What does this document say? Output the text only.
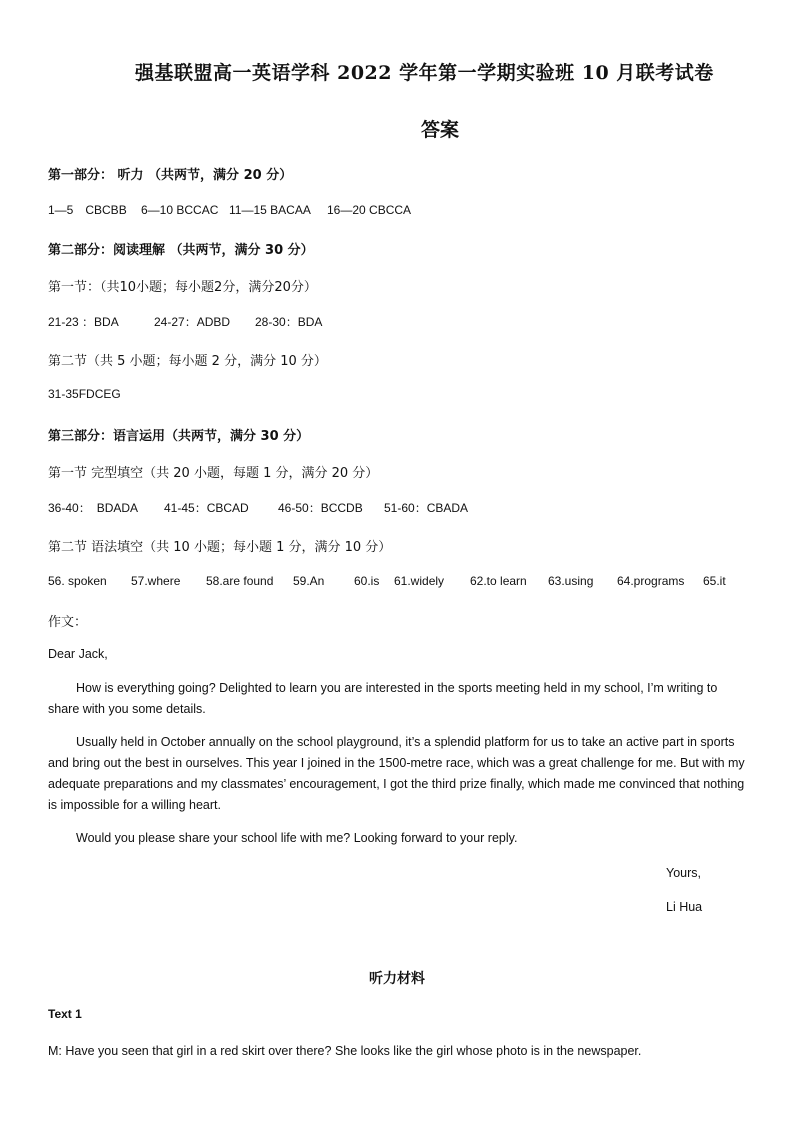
强基联盟高一英语学科 2022 学年第一学期实验班 10 月联考试卷
答案
第一部分： 听力 （共两节，满分 20 分）
1—5　CBCBB 6—10 BCCAC 11—15 BACAA 16—20 CBCCA
第二部分：阅读理解 （共两节，满分 30 分）
第一节：（共10小题；每小题2分，满分20分）
21-23 ：BDA	24-27：ADBD 28-30：BDA
第二节（共 5 小题；每小题 2 分，满分 10 分）
31-35FDCEG
第三部分：语言运用（共两节，满分 30 分）
第一节 完型填空（共 20 小题，每题 1 分，满分 20 分）
36-40：　BDADA 41-45：CBCAD 46-50：BCCDB 51-60：CBADA
第二节 语法填空（共 10 小题；每小题 1 分，满分 10 分）
56. spoken 57.where 58.are found 59.An 60.is 61.widely 62.to learn 63.using 64.programs 65.it
作文：
Dear Jack,
How is everything going? Delighted to learn you are interested in the sports meeting held in my school, I’m writing to share with you some details.
Usually held in October annually on the school playground, it’s a splendid platform for us to take an active part in sports and bring out the best in ourselves. This year I joined in the 1500-metre race, which was a great challenge for me. But with my adequate preparations and my classmates’ encouragement, I got the third prize finally, which made me convinced that nothing is impossible for a willing heart.
Would you please share your school life with me? Looking forward to your reply.
Yours,
Li Hua
听力材料
Text 1
M: Have you seen that girl in a red skirt over there? She looks like the girl whose photo is in the newspaper.
